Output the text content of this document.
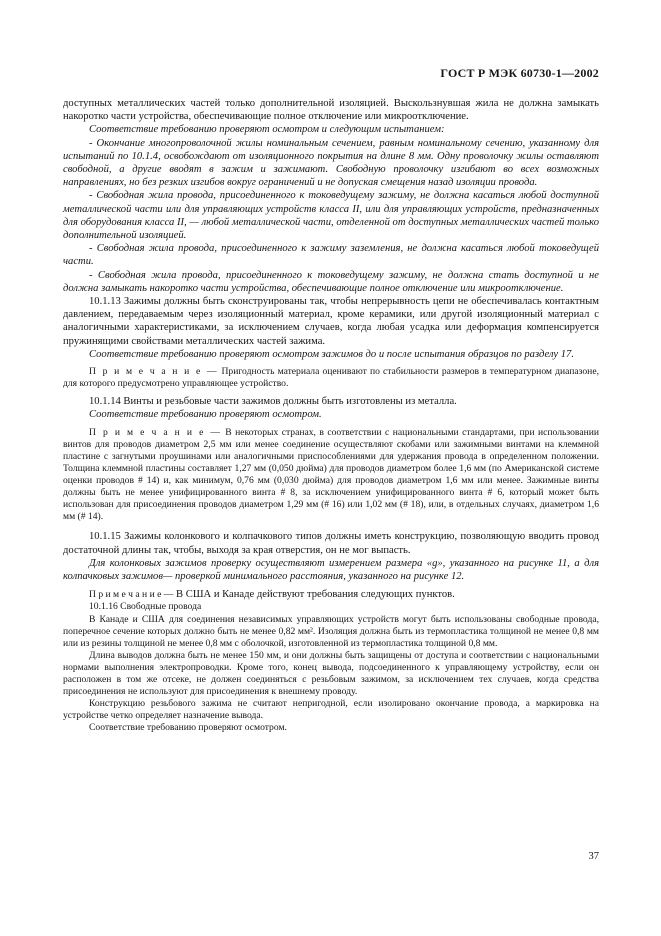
ГОСТ Р МЭК 60730-1—2002

доступных металлических частей только дополнительной изоляцией. Выскользнувшая жила не должна замыкать накоротко части устройства, обеспечивающие полное отключение или микроотключение.

Соответствие требованию проверяют осмотром и следующим испытанием:

- Окончание многопроволочной жилы номинальным сечением, равным номинальному сечению, указанному для испытаний по 10.1.4, освобождают от изоляционного покрытия на длине 8 мм. Одну проволочку жилы оставляют свободной, а другие вводят в зажим и зажимают. Свободную проволочку изгибают во всех возможных направлениях, но без резких изгибов вокруг ограничений и не допуская смещения назад изоляции провода.

- Свободная жила провода, присоединенного к токоведущему зажиму, не должна касаться любой доступной металлической части или для управляющих устройств класса II, или для управляющих устройств, предназначенных для оборудования класса II, — любой металлической части, отделенной от доступных металлических частей только дополнительной изоляцией.

- Свободная жила провода, присоединенного к зажиму заземления, не должна касаться любой токоведущей части.

- Свободная жила провода, присоединенного к токоведущему зажиму, не должна стать доступной и не должна замыкать накоротко части устройства, обеспечивающие полное отключение или микроотключение.

10.1.13 Зажимы должны быть сконструированы так, чтобы непрерывность цепи не обеспечивалась контактным давлением, передаваемым через изоляционный материал, кроме керамики, или другой изоляционный материал с аналогичными характеристиками, за исключением случаев, когда любая усадка или деформация компенсируется пружинящими свойствами металлических частей зажима.

Соответствие требованию проверяют осмотром зажимов до и после испытания образцов по разделу 17.

П р и м е ч а н и е — Пригодность материала оценивают по стабильности размеров в температурном диапазоне, для которого предусмотрено управляющее устройство.

10.1.14 Винты и резьбовые части зажимов должны быть изготовлены из металла.

Соответствие требованию проверяют осмотром.

П р и м е ч а н и е — В некоторых странах, в соответствии с национальными стандартами, при использовании винтов для проводов диаметром 2,5 мм или менее соединение осуществляют скобами или зажимными винтами на клеммной пластине с загнутыми проушинами или аналогичными приспособлениями для удержания провода в определенном положении. Толщина клеммной пластины составляет 1,27 мм (0,050 дюйма) для проводов диаметром более 1,6 мм (по Американской системе оценки проводов # 14) и, как минимум, 0,76 мм (0,030 дюйма) для проводов диаметром 1,6 мм или менее. Зажимные винты должны быть не менее унифицированного винта # 8, за исключением унифицированного винта # 6, который может быть использован для присоединения проводов диаметром 1,29 мм (# 16) или 1,02 мм (# 18), или, в отдельных случаях, диаметром 1,6 мм (# 14).

10.1.15 Зажимы колонкового и колпачкового типов должны иметь конструкцию, позволяющую вводить провод достаточной длины так, чтобы, выходя за края отверстия, он не мог выпасть.

Для колонковых зажимов проверку осуществляют измерением размера «g», указанного на рисунке 11, а для колпачковых зажимов— проверкой минимального расстояния, указанного на рисунке 12.

П р и м е ч а н и е — В США и Канаде действуют требования следующих пунктов.

10.1.16 Свободные провода

В Канаде и США для соединения независимых управляющих устройств могут быть использованы свободные провода, поперечное сечение которых должно быть не менее 0,82 мм². Изоляция должна быть из термопластика толщиной не менее 0,8 мм или из резины толщиной не менее 0,8 мм с оболочкой, изготовленной из термопластика толщиной 0,8 мм.

Длина выводов должна быть не менее 150 мм, и они должны быть защищены от доступа и соответствии с национальными нормами выполнения электропроводки. Кроме того, конец вывода, подсоединенного к управляющему устройству, если он расположен в том же отсеке, не должен соединяться с резьбовым зажимом, за исключением тех случаев, когда средства присоединения не используют для присоединения к внешнему проводу.

Конструкцию резьбового зажима не считают непригодной, если изолировано окончание провода, а маркировка на устройстве четко определяет назначение вывода.

Соответствие требованию проверяют осмотром.

37
